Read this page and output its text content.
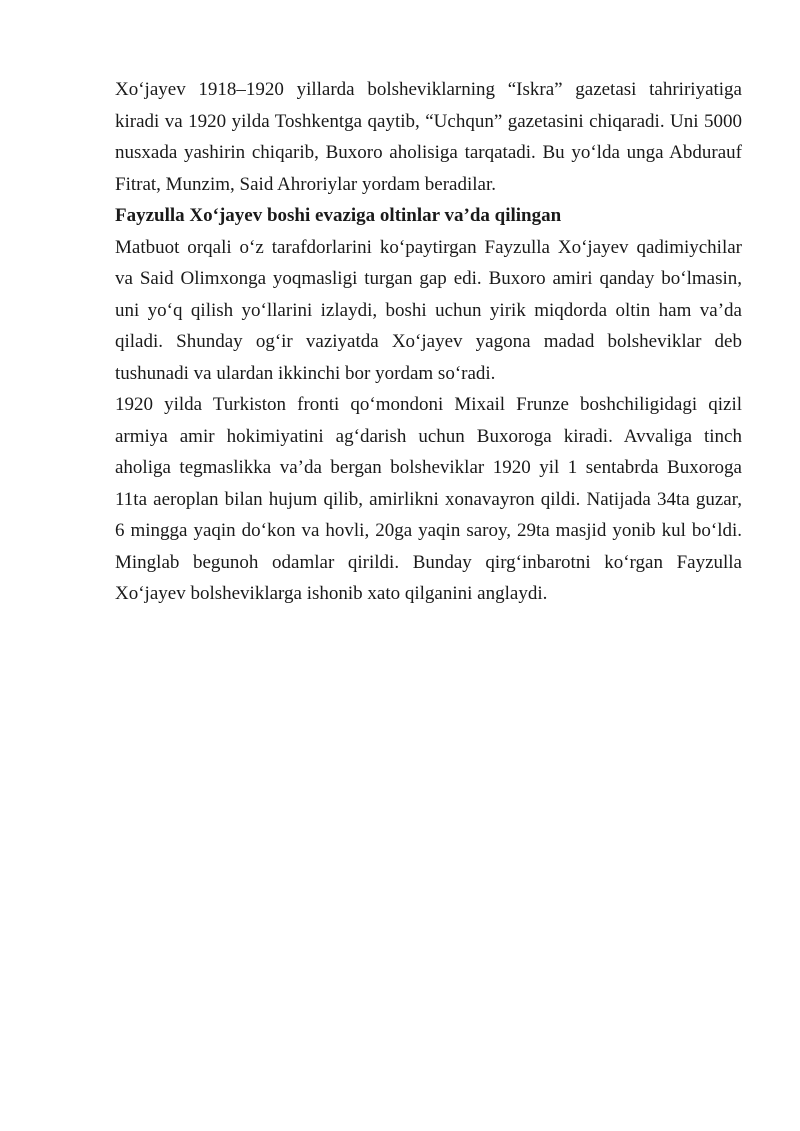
Xo‘jayev 1918–1920 yillarda bolsheviklarning “Iskra” gazetasi tahririyatiga kiradi va 1920 yilda Toshkentga qaytib, “Uchqun” gazetasini chiqaradi. Uni 5000 nusxada yashirin chiqarib, Buxoro aholisiga tarqatadi. Bu yo‘lda unga Abdurauf Fitrat, Munzim, Said Ahroriylar yordam beradilar.

Fayzulla Xo‘jayev boshi evaziga oltinlar va’da qilingan

Matbuot orqali o‘z tarafdorlarini ko‘paytirgan Fayzulla Xo‘jayev qadimiychilar va Said Olimxonga yoqmasligi turgan gap edi. Buxoro amiri qanday bo‘lmasin, uni yo‘q qilish yo‘llarini izlaydi, boshi uchun yirik miqdorda oltin ham va’da qiladi. Shunday og‘ir vaziyatda Xo‘jayev yagona madad bolsheviklar deb tushunadi va ulardan ikkinchi bor yordam so‘radi.

1920 yilda Turkiston fronti qo‘mondoni Mixail Frunze boshchiligidagi qizil armiya amir hokimiyatini ag‘darish uchun Buxoroga kiradi. Avvaliga tinch aholiga tegmaslikka va’da bergan bolsheviklar 1920 yil 1 sentabrda Buxoroga 11ta aeroplan bilan hujum qilib, amirlikni xonavayron qildi. Natijada 34ta guzar, 6 mingga yaqin do‘kon va hovli, 20ga yaqin saroy, 29ta masjid yonib kul bo‘ldi. Minglab begunoh odamlar qirildi. Bunday qirg‘inbarotni ko‘rgan Fayzulla Xo‘jayev bolsheviklarga ishonib xato qilganini anglaydi.
